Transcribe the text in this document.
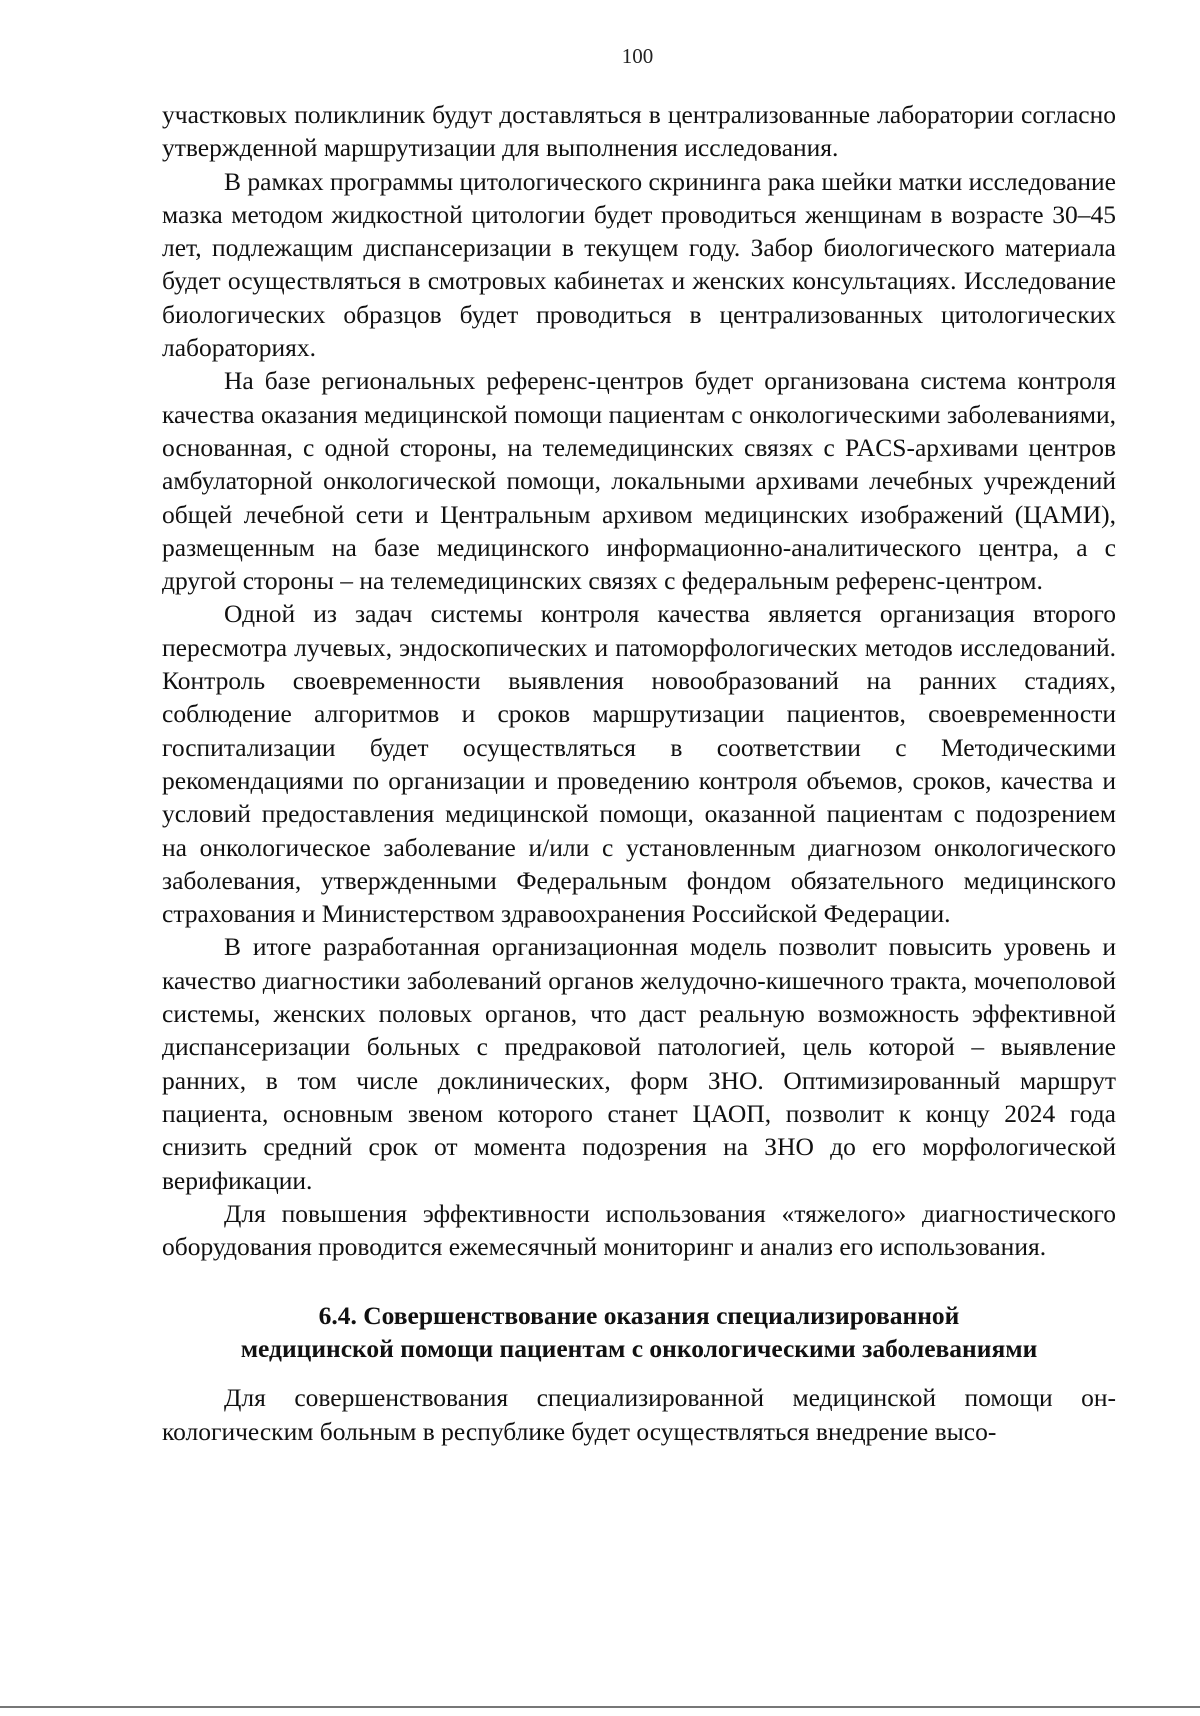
100

участковых поликлиник будут доставляться в централизованные лаборатории согласно утвержденной маршрутизации для выполнения исследования.

В рамках программы цитологического скрининга рака шейки матки исследование мазка методом жидкостной цитологии будет проводиться женщинам в возрасте 30–45 лет, подлежащим диспансеризации в текущем году. Забор биологического материала будет осуществляться в смотровых кабинетах и женских консультациях. Исследование биологических образцов будет проводиться в централизованных цитологических лабораториях.

На базе региональных референс-центров будет организована система контроля качества оказания медицинской помощи пациентам с онкологическими заболеваниями, основанная, с одной стороны, на телемедицинских связях с PACS-архивами центров амбулаторной онкологической помощи, локальными архивами лечебных учреждений общей лечебной сети и Центральным архивом медицинских изображений (ЦАМИ), размещенным на базе медицинского информационно-аналитического центра, а с другой стороны – на телемедицинских связях с федеральным референс-центром.

Одной из задач системы контроля качества является организация второго пересмотра лучевых, эндоскопических и патоморфологических методов исследований. Контроль своевременности выявления новообразований на ранних стадиях, соблюдение алгоритмов и сроков маршрутизации пациентов, своевременности госпитализации будет осуществляться в соответствии с Методическими рекомендациями по организации и проведению контроля объемов, сроков, качества и условий предоставления медицинской помощи, оказанной пациентам с подозрением на онкологическое заболевание и/или с установленным диагнозом онкологического заболевания, утвержденными Федеральным фондом обязательного медицинского страхования и Министерством здравоохранения Российской Федерации.

В итоге разработанная организационная модель позволит повысить уровень и качество диагностики заболеваний органов желудочно-кишечного тракта, мочеполовой системы, женских половых органов, что даст реальную возможность эффективной диспансеризации больных с предраковой патологией, цель которой – выявление ранних, в том числе доклинических, форм ЗНО. Оптимизированный маршрут пациента, основным звеном которого станет ЦАОП, позволит к концу 2024 года снизить средний срок от момента подозрения на ЗНО до его морфологической верификации.

Для повышения эффективности использования «тяжелого» диагностического оборудования проводится ежемесячный мониторинг и анализ его использования.

6.4. Совершенствование оказания специализированной
медицинской помощи пациентам с онкологическими заболеваниями

Для совершенствования специализированной медицинской помощи онкологическим больным в республике будет осуществляться внедрение высо-
